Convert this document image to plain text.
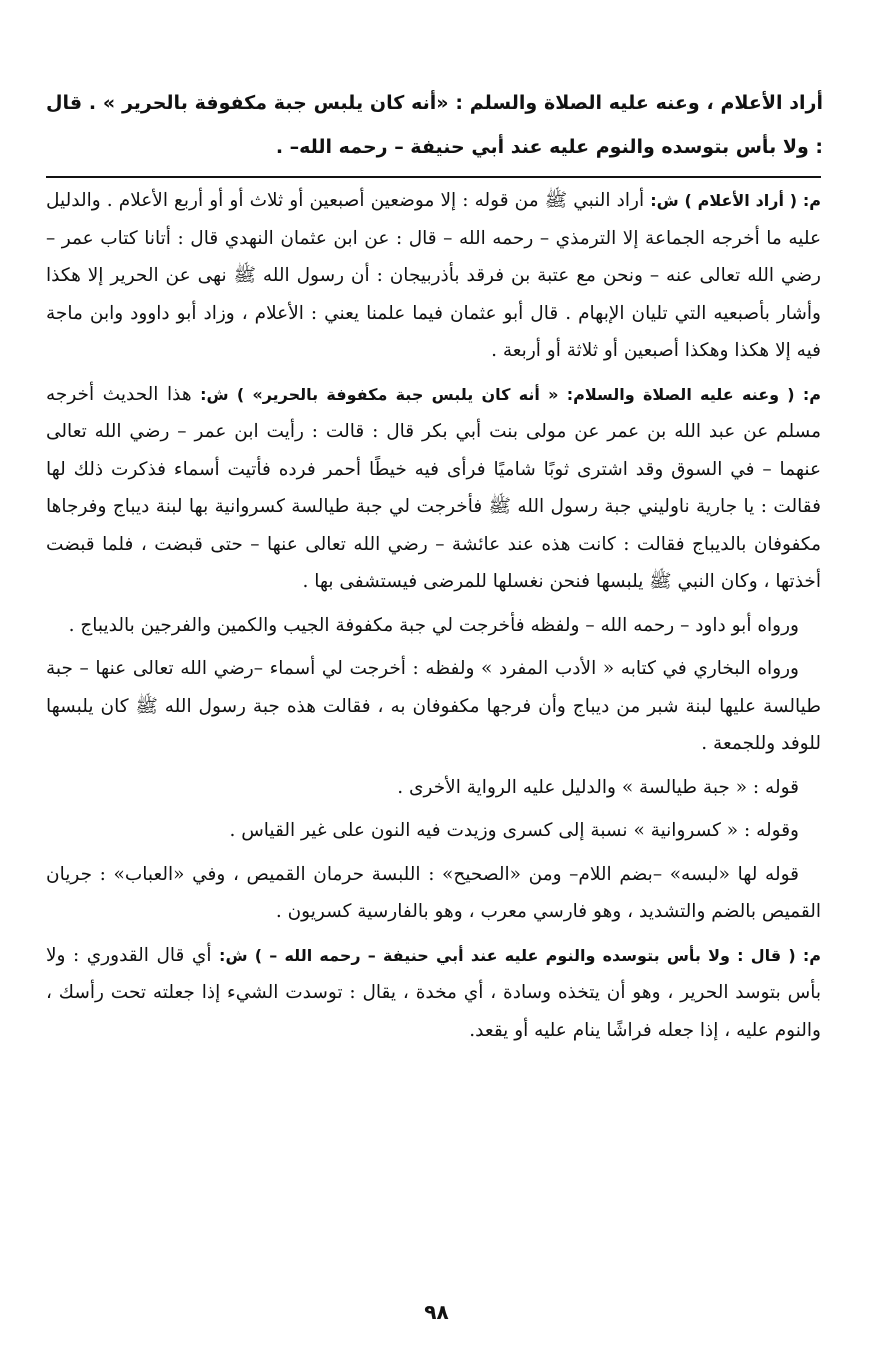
أراد الأعلام ، وعنه عليه الصلاة والسلم : «أنه كان يلبس جبة مكفوفة بالحرير » . قال : ولا بأس بتوسده والنوم عليه عند أبي حنيفة – رحمه الله– .

م: ( أراد الأعلام ) ش: أراد النبي ﷺ من قوله : إلا موضعين أصبعين أو ثلاث أو أو أربع الأعلام . والدليل عليه ما أخرجه الجماعة إلا الترمذي – رحمه الله – قال : عن ابن عثمان النهدي قال : أتانا كتاب عمر – رضي الله تعالى عنه – ونحن مع عتبة بن فرقد بأذربيجان : أن رسول الله ﷺ نهى عن الحرير إلا هكذا وأشار بأصبعيه التي تليان الإبهام . قال أبو عثمان فيما علمنا يعني : الأعلام ، وزاد أبو داوود وابن ماجة فيه إلا هكذا وهكذا أصبعين أو ثلاثة أو أربعة .

م: ( وعنه عليه الصلاة والسلام: « أنه كان يلبس جبة مكفوفة بالحرير» ) ش: هذا الحديث أخرجه مسلم عن عبد الله بن عمر عن مولى بنت أبي بكر قال : قالت : رأيت ابن عمر – رضي الله تعالى عنهما – في السوق وقد اشترى ثوبًا شاميًا فرأى فيه خيطًا أحمر فرده فأتيت أسماء فذكرت ذلك لها فقالت : يا جارية ناوليني جبة رسول الله ﷺ فأخرجت لي جبة طيالسة كسروانية بها لبنة ديباج وفرجاها مكفوفان بالديباج فقالت : كانت هذه عند عائشة – رضي الله تعالى عنها – حتى قبضت ، فلما قبضت أخذتها ، وكان النبي ﷺ يلبسها فنحن نغسلها للمرضى فيستشفى بها .

ورواه أبو داود – رحمه الله – ولفظه فأخرجت لي جبة مكفوفة الجيب والكمين والفرجين بالديباج .

ورواه البخاري في كتابه « الأدب المفرد » ولفظه : أخرجت لي أسماء –رضي الله تعالى عنها – جبة طيالسة عليها لبنة شبر من ديباج وأن فرجها مكفوفان به ، فقالت هذه جبة رسول الله ﷺ كان يلبسها للوفد وللجمعة .

قوله : « جبة طيالسة » والدليل عليه الرواية الأخرى .

وقوله : « كسروانية » نسبة إلى كسرى وزيدت فيه النون على غير القياس .

قوله لها «لبسه» –بضم اللام– ومن «الصحيح» : اللبسة حرمان القميص ، وفي «العباب» : جريان القميص بالضم والتشديد ، وهو فارسي معرب ، وهو بالفارسية كسريون .

م: ( قال : ولا بأس بتوسده والنوم عليه عند أبي حنيفة – رحمه الله – ) ش: أي قال القدوري : ولا بأس بتوسد الحرير ، وهو أن يتخذه وسادة ، أي مخدة ، يقال : توسدت الشيء إذا جعلته تحت رأسك ، والنوم عليه ، إذا جعله فراشًا ينام عليه أو يقعد.

٩٨
